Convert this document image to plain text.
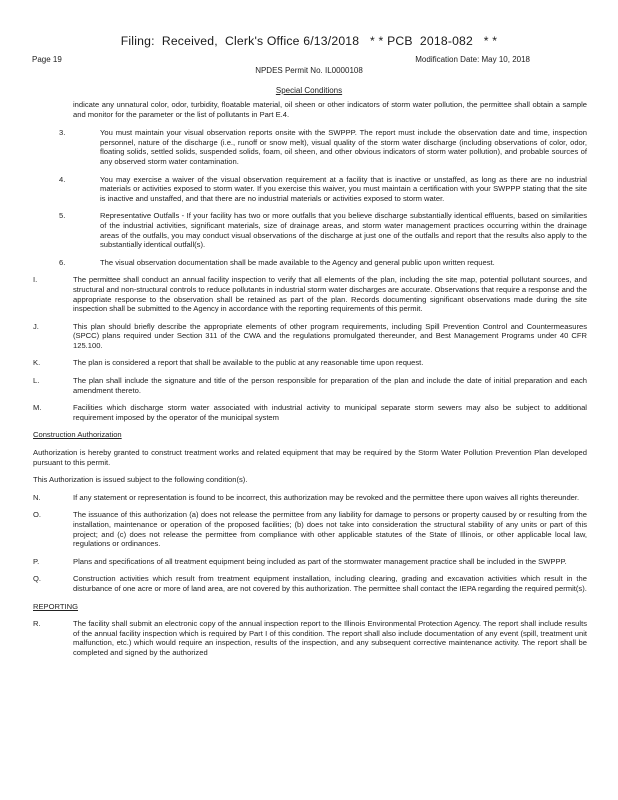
Filing:  Received,  Clerk's Office 6/13/2018   * * PCB  2018-082   * *
Page 19	Modification Date: May 10, 2018
NPDES Permit No. IL0000108
Special Conditions
indicate any unnatural color, odor, turbidity, floatable material, oil sheen or other indicators of storm water pollution, the permittee shall obtain a sample and monitor for the parameter or the list of pollutants in Part E.4.
3.	You must maintain your visual observation reports onsite with the SWPPP. The report must include the observation date and time, inspection personnel, nature of the discharge (i.e., runoff or snow melt), visual quality of the storm water discharge (including observations of color, odor, floating solids, settled solids, suspended solids, foam, oil sheen, and other obvious indicators of storm water pollution), and probable sources of any observed storm water contamination.
4.	You may exercise a waiver of the visual observation requirement at a facility that is inactive or unstaffed, as long as there are no industrial materials or activities exposed to storm water. If you exercise this waiver, you must maintain a certification with your SWPPP stating that the site is inactive and unstaffed, and that there are no industrial materials or activities exposed to storm water.
5.	Representative Outfalls - If your facility has two or more outfalls that you believe discharge substantially identical effluents, based on similarities of the industrial activities, significant materials, size of drainage areas, and storm water management practices occurring within the drainage areas of the outfalls, you may conduct visual observations of the discharge at just one of the outfalls and report that the results also apply to the substantially identical outfall(s).
6.	The visual observation documentation shall be made available to the Agency and general public upon written request.
I.	The permittee shall conduct an annual facility inspection to verify that all elements of the plan, including the site map, potential pollutant sources, and structural and non-structural controls to reduce pollutants in industrial storm water discharges are accurate. Observations that require a response and the appropriate response to the observation shall be retained as part of the plan. Records documenting significant observations made during the site inspection shall be submitted to the Agency in accordance with the reporting requirements of this permit.
J.	This plan should briefly describe the appropriate elements of other program requirements, including Spill Prevention Control and Countermeasures (SPCC) plans required under Section 311 of the CWA and the regulations promulgated thereunder, and Best Management Programs under 40 CFR 125.100.
K.	The plan is considered a report that shall be available to the public at any reasonable time upon request.
L.	The plan shall include the signature and title of the person responsible for preparation of the plan and include the date of initial preparation and each amendment thereto.
M.	Facilities which discharge storm water associated with industrial activity to municipal separate storm sewers may also be subject to additional requirement imposed by the operator of the municipal system
Construction Authorization
Authorization is hereby granted to construct treatment works and related equipment that may be required by the Storm Water Pollution Prevention Plan developed pursuant to this permit.
This Authorization is issued subject to the following condition(s).
N.	If any statement or representation is found to be incorrect, this authorization may be revoked and the permittee there upon waives all rights thereunder.
O.	The issuance of this authorization (a) does not release the permittee from any liability for damage to persons or property caused by or resulting from the installation, maintenance or operation of the proposed facilities; (b) does not take into consideration the structural stability of any units or part of this project; and (c) does not release the permittee from compliance with other applicable statutes of the State of Illinois, or other applicable local law, regulations or ordinances.
P.	Plans and specifications of all treatment equipment being included as part of the stormwater management practice shall be included in the SWPPP.
Q.	Construction activities which result from treatment equipment installation, including clearing, grading and excavation activities which result in the disturbance of one acre or more of land area, are not covered by this authorization. The permittee shall contact the IEPA regarding the required permit(s).
REPORTING
R.	The facility shall submit an electronic copy of the annual inspection report to the Illinois Environmental Protection Agency. The report shall include results of the annual facility inspection which is required by Part I of this condition. The report shall also include documentation of any event (spill, treatment unit malfunction, etc.) which would require an inspection, results of the inspection, and any subsequent corrective maintenance activity. The report shall be completed and signed by the authorized
